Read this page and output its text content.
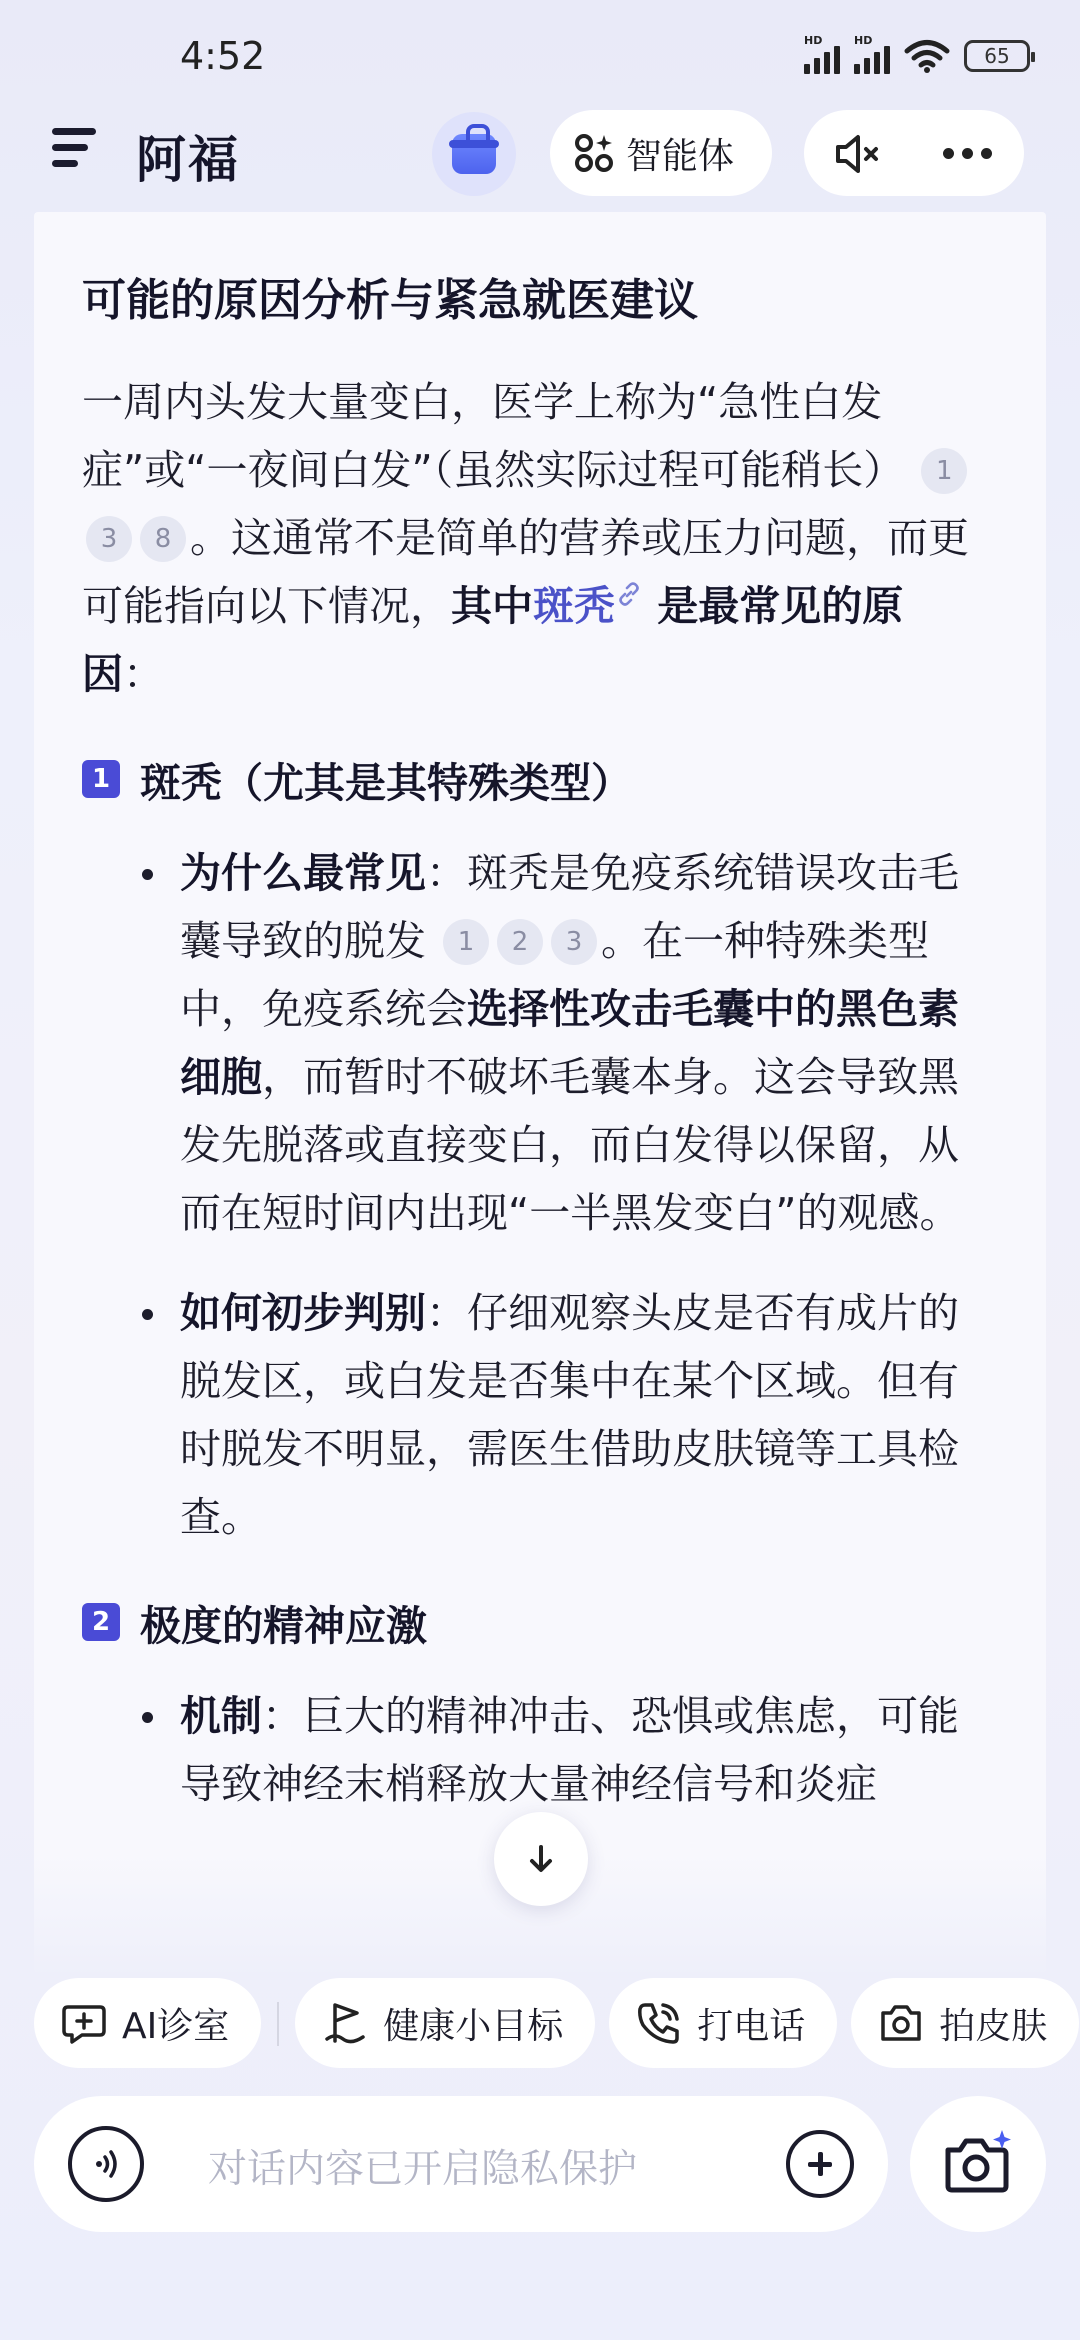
4:52	HD	HD
65
阿福	智能体
可能的原因分析与紧急就医建议

一周内头发大量变白，医学上称为“急性白发症”或“一夜间白发”（虽然实际过程可能稍长） 13 8 。这通常不是简单的营养或压力问题，而更可能指向以下情况，其中斑秃 是最常见的原因：

1 斑秃（尤其是其特殊类型）
为什么最常见：斑秃是免疫系统错误攻击毛囊导致的脱发 1 2 3 。在一种特殊类型中，免疫系统会选择性攻击毛囊中的黑色素细胞，而暂时不破坏毛囊本身。这会导致黑发先脱落或直接变白，而白发得以保留，从而在短时间内出现“一半黑发变白”的观感。
如何初步判别：仔细观察头皮是否有成片的脱发区，或白发是否集中在某个区域。但有时脱发不明显，需医生借助皮肤镜等工具检查。
2 极度的精神应激
机制：巨大的精神冲击、恐惧或焦虑，可能导致神经末梢释放大量神经信号和炎症
AI诊室	健康小目标	打电话	拍皮肤
对话内容已开启隐私保护
